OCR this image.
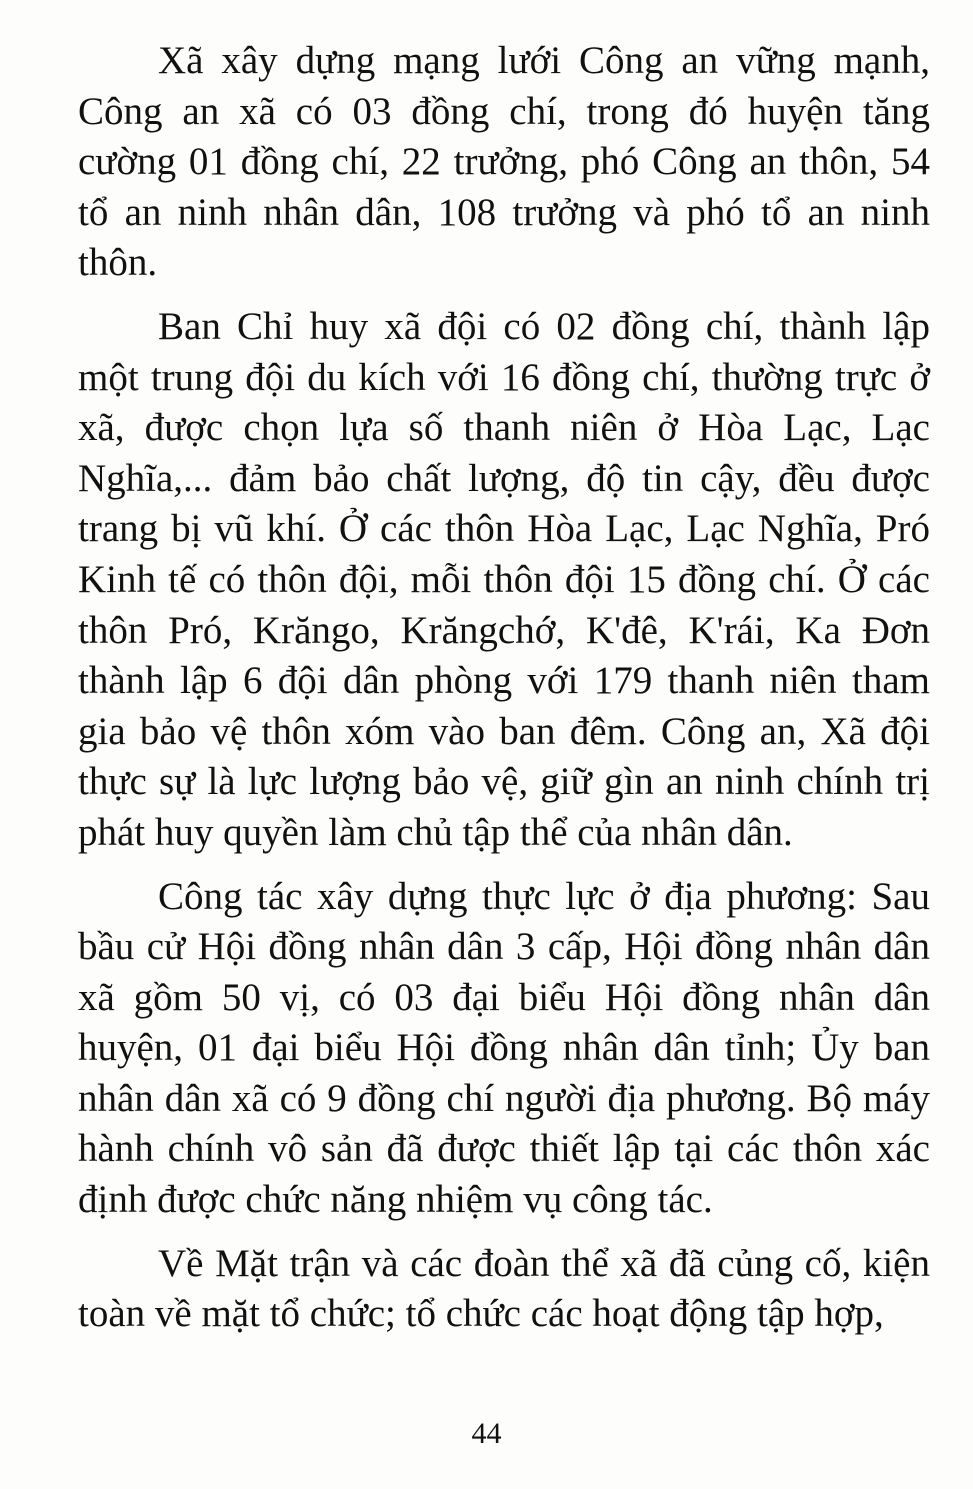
Xã xây dựng mạng lưới Công an vững mạnh, Công an xã có 03 đồng chí, trong đó huyện tăng cường 01 đồng chí, 22 trưởng, phó Công an thôn, 54 tổ an ninh nhân dân, 108 trưởng và phó tổ an ninh thôn.

Ban Chỉ huy xã đội có 02 đồng chí, thành lập một trung đội du kích với 16 đồng chí, thường trực ở xã, được chọn lựa số thanh niên ở Hòa Lạc, Lạc Nghĩa,... đảm bảo chất lượng, độ tin cậy, đều được trang bị vũ khí. Ở các thôn Hòa Lạc, Lạc Nghĩa, Pró Kinh tế có thôn đội, mỗi thôn đội 15 đồng chí. Ở các thôn Pró, Krăngo, Krăngchớ, K'đê, K'rái, Ka Đơn thành lập 6 đội dân phòng với 179 thanh niên tham gia bảo vệ thôn xóm vào ban đêm. Công an, Xã đội thực sự là lực lượng bảo vệ, giữ gìn an ninh chính trị phát huy quyền làm chủ tập thể của nhân dân.

Công tác xây dựng thực lực ở địa phương: Sau bầu cử Hội đồng nhân dân 3 cấp, Hội đồng nhân dân xã gồm 50 vị, có 03 đại biểu Hội đồng nhân dân huyện, 01 đại biểu Hội đồng nhân dân tỉnh; Ủy ban nhân dân xã có 9 đồng chí người địa phương. Bộ máy hành chính vô sản đã được thiết lập tại các thôn xác định được chức năng nhiệm vụ công tác.

Về Mặt trận và các đoàn thể xã đã củng cố, kiện toàn về mặt tổ chức; tổ chức các hoạt động tập hợp,

44
